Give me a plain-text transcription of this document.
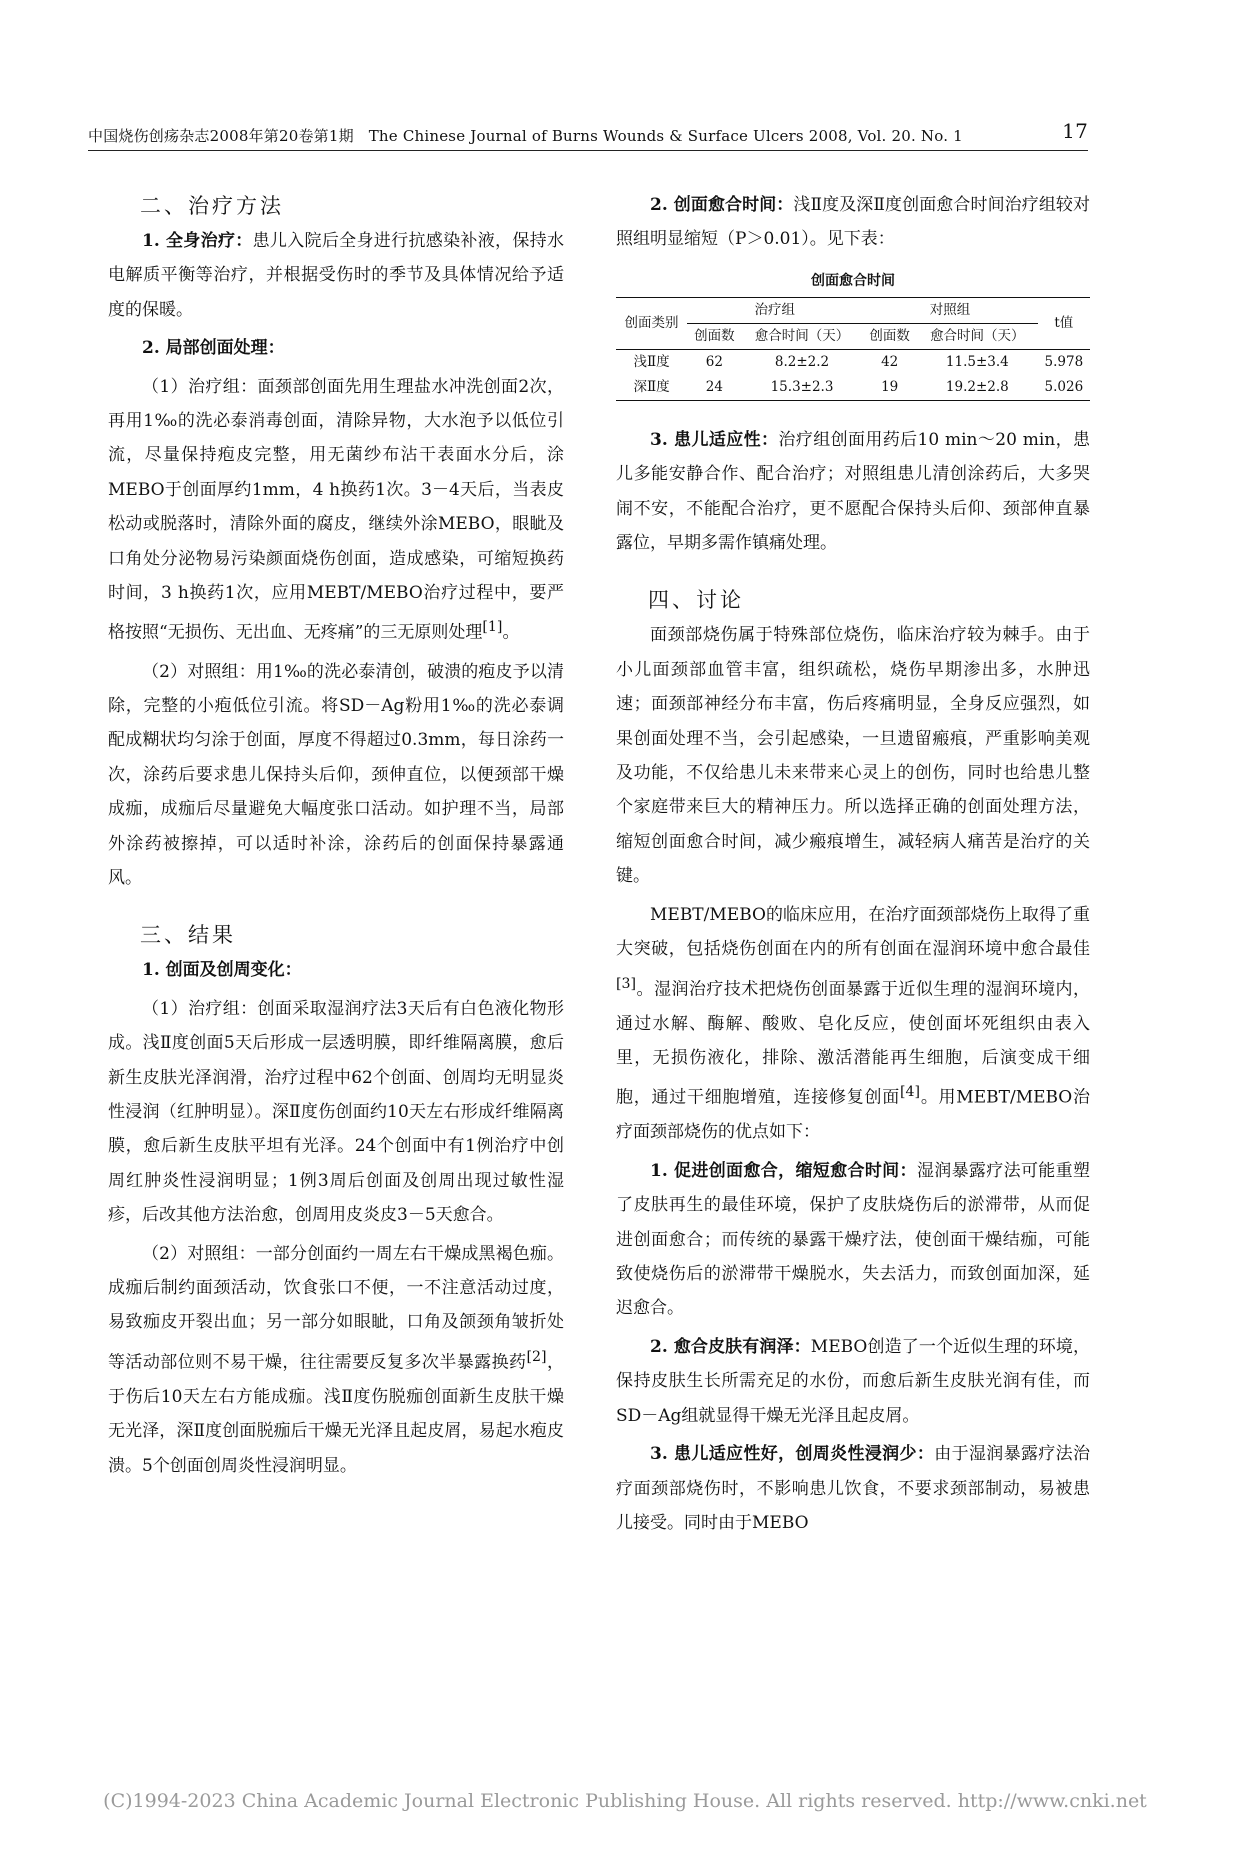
中国烧伤创疡杂志2008年第20卷第1期 The Chinese Journal of Burns Wounds & Surface Ulcers 2008, Vol. 20. No. 1	17
二、治疗方法

1. 全身治疗：患儿入院后全身进行抗感染补液，保持水电解质平衡等治疗，并根据受伤时的季节及具体情况给予适度的保暖。

2. 局部创面处理：

（1）治疗组：面颈部创面先用生理盐水冲洗创面2次，再用1‰的洗必泰消毒创面，清除异物，大水泡予以低位引流，尽量保持疱皮完整，用无菌纱布沾干表面水分后，涂MEBO于创面厚约1mm，4 h换药1次。3－4天后，当表皮松动或脱落时，清除外面的腐皮，继续外涂MEBO，眼眦及口角处分泌物易污染颜面烧伤创面，造成感染，可缩短换药时间，3 h换药1次，应用MEBT/MEBO治疗过程中，要严格按照“无损伤、无出血、无疼痛”的三无原则处理[1]。

（2）对照组：用1‰的洗必泰清创，破溃的疱皮予以清除，完整的小疱低位引流。将SD－Ag粉用1‰的洗必泰调配成糊状均匀涂于创面，厚度不得超过0.3mm，每日涂药一次，涂药后要求患儿保持头后仰，颈伸直位，以便颈部干燥成痂，成痂后尽量避免大幅度张口活动。如护理不当，局部外涂药被擦掉，可以适时补涂，涂药后的创面保持暴露通风。

三、结果

1. 创面及创周变化：

（1）治疗组：创面采取湿润疗法3天后有白色液化物形成。浅Ⅱ度创面5天后形成一层透明膜，即纤维隔离膜，愈后新生皮肤光泽润滑，治疗过程中62个创面、创周均无明显炎性浸润（红肿明显）。深Ⅱ度伤创面约10天左右形成纤维隔离膜，愈后新生皮肤平坦有光泽。24个创面中有1例治疗中创周红肿炎性浸润明显；1例3周后创面及创周出现过敏性湿疹，后改其他方法治愈，创周用皮炎皮3－5天愈合。

（2）对照组：一部分创面约一周左右干燥成黑褐色痂。成痂后制约面颈活动，饮食张口不便，一不注意活动过度，易致痂皮开裂出血；另一部分如眼眦，口角及颌颈角皱折处等活动部位则不易干燥，往往需要反复多次半暴露换药[2]，于伤后10天左右方能成痂。浅Ⅱ度伤脱痂创面新生皮肤干燥无光泽，深Ⅱ度创面脱痂后干燥无光泽且起皮屑，易起水疱皮溃。5个创面创周炎性浸润明显。

2. 创面愈合时间：浅Ⅱ度及深Ⅱ度创面愈合时间治疗组较对照组明显缩短（P＞0.01）。见下表：

创面愈合时间
创面类别	治疗组		对照组		t值
	创面数	愈合时间（天）	创面数	愈合时间（天）	
浅Ⅱ度	62	8.2±2.2	42	11.5±3.4	5.978
深Ⅱ度	24	15.3±2.3	19	19.2±2.8	5.026

3. 患儿适应性：治疗组创面用药后10 min～20 min，患儿多能安静合作、配合治疗；对照组患儿清创涂药后，大多哭闹不安，不能配合治疗，更不愿配合保持头后仰、颈部伸直暴露位，早期多需作镇痛处理。

四、讨论

面颈部烧伤属于特殊部位烧伤，临床治疗较为棘手。由于小儿面颈部血管丰富，组织疏松，烧伤早期渗出多，水肿迅速；面颈部神经分布丰富，伤后疼痛明显，全身反应强烈，如果创面处理不当，会引起感染，一旦遗留瘢痕，严重影响美观及功能，不仅给患儿未来带来心灵上的创伤，同时也给患儿整个家庭带来巨大的精神压力。所以选择正确的创面处理方法，缩短创面愈合时间，减少瘢痕增生，减轻病人痛苦是治疗的关键。

MEBT/MEBO的临床应用，在治疗面颈部烧伤上取得了重大突破，包括烧伤创面在内的所有创面在湿润环境中愈合最佳[3]。湿润治疗技术把烧伤创面暴露于近似生理的湿润环境内，通过水解、酶解、酸败、皂化反应，使创面坏死组织由表入里，无损伤液化，排除、激活潜能再生细胞，后演变成干细胞，通过干细胞增殖，连接修复创面[4]。用MEBT/MEBO治疗面颈部烧伤的优点如下：

1. 促进创面愈合，缩短愈合时间：湿润暴露疗法可能重塑了皮肤再生的最佳环境，保护了皮肤烧伤后的淤滞带，从而促进创面愈合；而传统的暴露干燥疗法，使创面干燥结痂，可能致使烧伤后的淤滞带干燥脱水，失去活力，而致创面加深，延迟愈合。

2. 愈合皮肤有润泽：MEBO创造了一个近似生理的环境，保持皮肤生长所需充足的水份，而愈后新生皮肤光润有佳，而SD－Ag组就显得干燥无光泽且起皮屑。

3. 患儿适应性好，创周炎性浸润少：由于湿润暴露疗法治疗面颈部烧伤时，不影响患儿饮食，不要求颈部制动，易被患儿接受。同时由于MEBO

(C)1994-2023 China Academic Journal Electronic Publishing House. All rights reserved. http://www.cnki.net
